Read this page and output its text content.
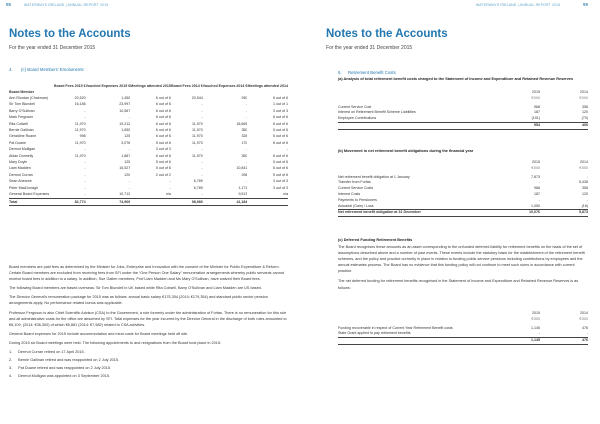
98	WATERWAYS IRELAND | ANNUAL REPORT 2015
Notes to the Accounts
For the year ended 31 December 2015
4. (c) Board Members' Emoluments
	Board Fees 2015 €	Vouched Expenses 2015 €	Meetings attended 2015	Board Fees 2014 €	Vouched Expenses 2014 €	Meetings attended 2014
Board Member						
Ann Riordan (Chairman)	20,520	1,450	6 out of 6	20,544	930	6 out of 6
Sir Tom Blundell	16,186	23,997	6 out of 6	-	-	1 out of 1
Barry O'Sullivan	-	10,567	6 out of 6	-	-	3 out of 3
Mark Ferguson	-	-	6 out of 6	-	-	6 out of 6
Rita Colwell	11,970	19,212	6 out of 6	11,970	18,665	6 out of 6
Bernie Gallinan	11,970	1,650	6 out of 6	11,970	350	5 out of 6
Geraldine Ruane	998	125	6 out of 6	11,970	328	6 out of 6
Pat Duane	11,970	3,076	5 out of 6	11,970	170	6 out of 6
Dermot Mulligan	-	-	3 out of 3	-	-	-
Aidan Donnelly	11,970	1,887	6 out of 6	11,970	350	6 out of 6
Mary Doyle	-	125	5 out of 6	-	-	5 out of 6
Liam Madden	-	16,527	5 out of 6	-	10,841	6 out of 6
Dermot Curran	-	120	2 out of 2	-	298	5 out of 6
Sean Ahearne	-	-	-	6,789	-	3 out of 3
Peter MacDonagh	-	-	-	6,789	1,171	3 out of 3
General Board Expenses	-	10,712	n/a	-	9,513	n/a
Total	82,774	74,909		98,980	41,184	
Board members are paid fees as determined by the Minister for Jobs, Enterprise and Innovation with the consent of the Minister for Public Expenditure & Reform. Certain Board members are excluded from receiving fees from SFI under the “One Person One Salary” remuneration arrangements whereby public servants cannot receive board fees in addition to a salary. In addition, Sue Gallen members, Prof Liam Madden and Ms Mary O'Sullivan, have waived their Board fees.
The following Board members are based overseas: Sir Tom Blundell in UK based while Rita Colwell, Barry O'Sullivan and Liam Madden are US based.
The Director General's remuneration package for 2015 was as follows: annual basic salary €175,354 (2014: €179,354) and standard public sector pension arrangements apply. No performance related bonus was applicable.
Professor Ferguson is also Chief Scientific Advisor (CSA) to the Government, a role formerly under the administration of Forfas. There is no remuneration for this role and all administrative costs for the office are absorbed by SFI. Total expenses for the year incurred by the Director General in the discharge of both roles amounted to €8,109, (2014: €36,300) of which €8,881 (2014: €7,582) related to CSA activities.
General Board expenses for 2015 include accommodation and meal costs for Board meetings held off site.
During 2015 six Board meetings were held. The following appointments to and resignations from the Board took place in 2015:
1. Dermot Curran retired on 17 April 2015.
2. Bernie Gallinan retired and was reappointed on 2 July 2015.
3. Pat Duane retired and was reappointed on 2 July 2015.
4. Dermot Mulligan was appointed on 3 September 2015.
WATERWAYS IRELAND | ANNUAL REPORT 2015	99
Notes to the Accounts
For the year ended 31 December 2015
5. Retirement Benefit Costs
(a) Analysis of total retirement benefit costs charged to the Statement of Income and Expenditure and Retained Revenue Reserves
	2015	2014
	€'000	€'000

Current Service Cost	968	356
Interest on Retirement Benefit Scheme Liabilities	187	120
Employee Contributions	(191)	(70)
	954	406
(b) Movement in net retirement benefit obligations during the financial year
	2015	2014
	€'000	€'000

Net retirement benefit obligation at 1 January	7,873	-
Transfer from Forfás	-	5,438
Current Service Costs	968	356
Interest Costs	187	120
Payments to Pensioners	-	-
Actuarial (Gain) / Loss	1,050	(18)
Net retirement benefit obligation at 31 December	10,076	5,873
(c) Deferred Funding Retirement Benefits
The Board recognises these amounts as an asset corresponding to the unfunded deferred liability for retirement benefits on the basis of the set of assumptions described above and a number of past events. These events include the statutory basis for the establishment of the retirement benefit schemes, and the policy and practice currently in place in relation to funding public service pensions including contributions by employees and the annual estimates process. The Board has no evidence that this funding policy will not continue to meet such sums in accordance with current practice.
The net deferred funding for retirement benefits recognised in the Statement of Income and Expenditure and Retained Revenue Reserves is as follows:
	2015	2014
	€'000	€'000

Funding recoverable in respect of Current Year Retirement Benefit costs	1,145	476
State Grant applied to pay retirement benefits	-	-
	1,145	476
